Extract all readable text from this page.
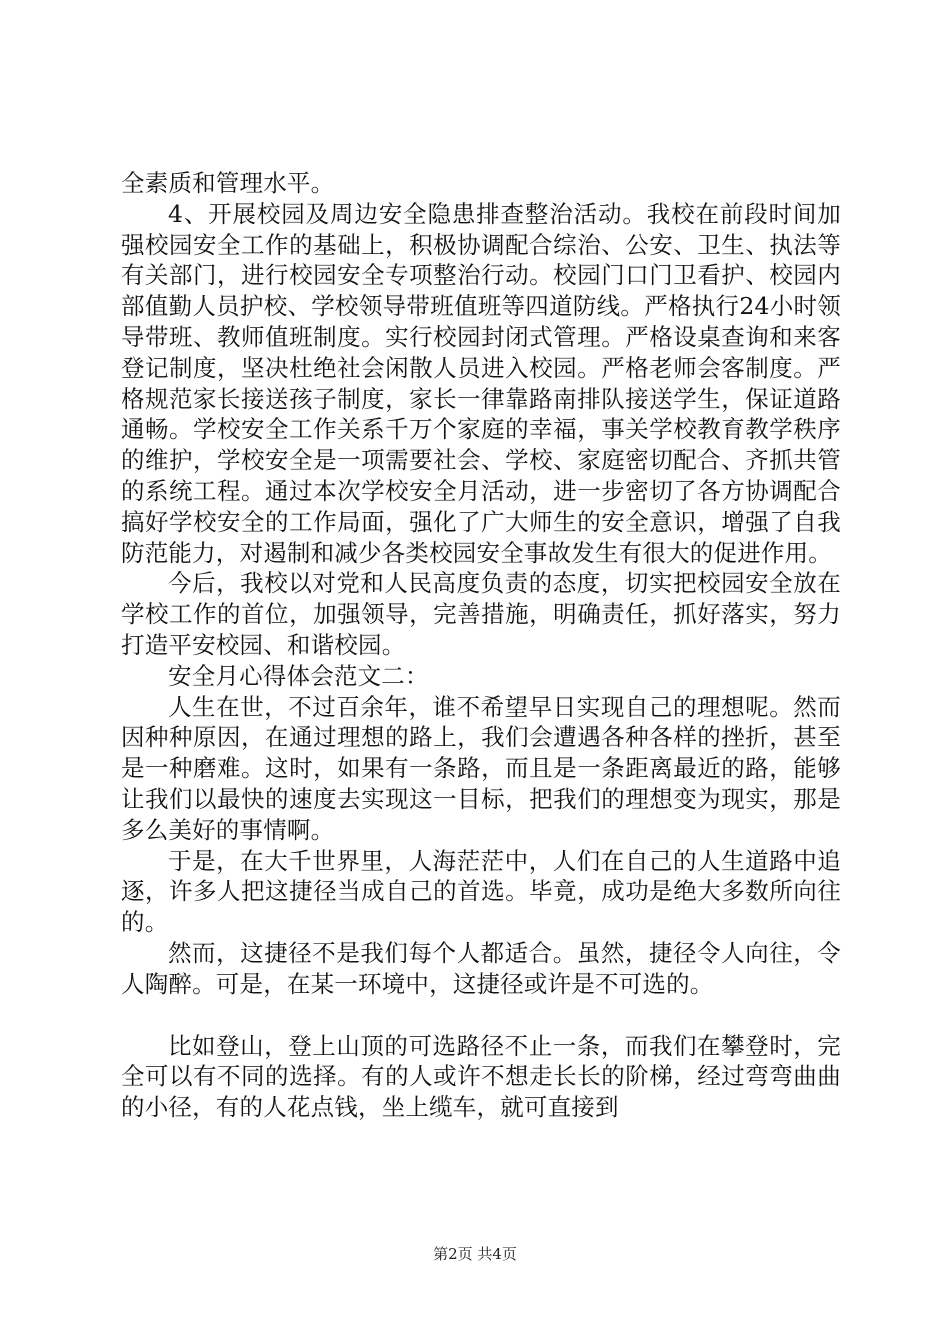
全素质和管理水平。

4、开展校园及周边安全隐患排查整治活动。我校在前段时间加强校园安全工作的基础上，积极协调配合综治、公安、卫生、执法等有关部门，进行校园安全专项整治行动。校园门口门卫看护、校园内部值勤人员护校、学校领导带班值班等四道防线。严格执行24小时领导带班、教师值班制度。实行校园封闭式管理。严格设桌查询和来客登记制度，坚决杜绝社会闲散人员进入校园。严格老师会客制度。严格规范家长接送孩子制度，家长一律靠路南排队接送学生，保证道路通畅。学校安全工作关系千万个家庭的幸福，事关学校教育教学秩序的维护，学校安全是一项需要社会、学校、家庭密切配合、齐抓共管的系统工程。通过本次学校安全月活动，进一步密切了各方协调配合搞好学校安全的工作局面，强化了广大师生的安全意识，增强了自我防范能力，对遏制和减少各类校园安全事故发生有很大的促进作用。

今后，我校以对党和人民高度负责的态度，切实把校园安全放在学校工作的首位，加强领导，完善措施，明确责任，抓好落实，努力打造平安校园、和谐校园。

安全月心得体会范文二：

人生在世，不过百余年，谁不希望早日实现自己的理想呢。然而因种种原因，在通过理想的路上，我们会遭遇各种各样的挫折，甚至是一种磨难。这时，如果有一条路，而且是一条距离最近的路，能够让我们以最快的速度去实现这一目标，把我们的理想变为现实，那是多么美好的事情啊。

于是，在大千世界里，人海茫茫中，人们在自己的人生道路中追逐，许多人把这捷径当成自己的首选。毕竟，成功是绝大多数所向往的。

然而，这捷径不是我们每个人都适合。虽然，捷径令人向往，令人陶醉。可是，在某一环境中，这捷径或许是不可选的。

比如登山，登上山顶的可选路径不止一条，而我们在攀登时，完全可以有不同的选择。有的人或许不想走长长的阶梯，经过弯弯曲曲的小径，有的人花点钱，坐上缆车，就可直接到

第2页 共4页
